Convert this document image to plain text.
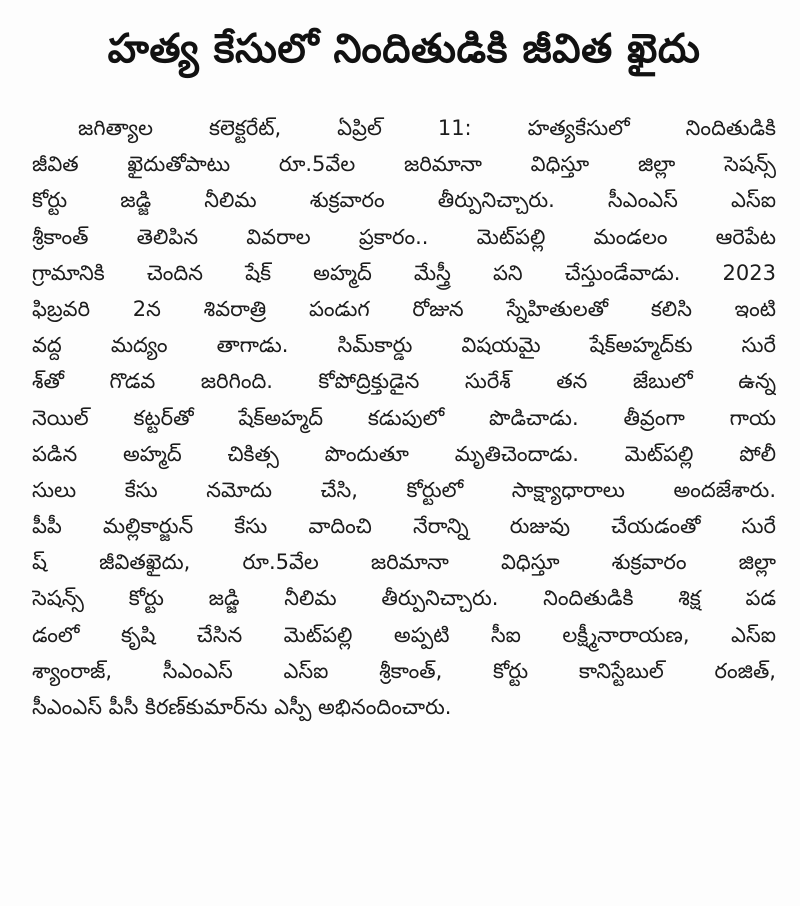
హత్య కేసులో నిందితుడికి జీవిత ఖైదు
జగిత్యాల కలెక్టరేట్, ఏప్రిల్ 11: హత్యకేసులో నిందితుడికి
జీవిత ఖైదుతోపాటు రూ.5వేల జరిమానా విధిస్తూ జిల్లా సెషన్స్
కోర్టు జడ్జి నీలిమ శుక్రవారం తీర్పునిచ్చారు. సీఎంఎస్ ఎస్ఐ
శ్రీకాంత్ తెలిపిన వివరాల ప్రకారం.. మెట్‌పల్లి మండలం ఆరెపేట
గ్రామానికి చెందిన షేక్ అహ్మద్ మేస్త్రీ పని చేస్తుండేవాడు. 2023
ఫిబ్రవరి 2న శివరాత్రి పండుగ రోజున స్నేహితులతో కలిసి ఇంటి
వద్ద మద్యం తాగాడు. సిమ్‌కార్డు విషయమై షేక్‌అహ్మద్‌కు సురే
శ్‌తో గొడవ జరిగింది. కోపోద్రిక్తుడైన సురేశ్ తన జేబులో ఉన్న
నెయిల్ కట్టర్‌తో షేక్‌అహ్మద్ కడుపులో పొడిచాడు. తీవ్రంగా గాయ
పడిన అహ్మద్ చికిత్స పొందుతూ మృతిచెందాడు. మెట్‌పల్లి పోలీ
సులు కేసు నమోదు చేసి, కోర్టులో సాక్ష్యాధారాలు అందజేశారు.
పీపీ మల్లికార్జున్ కేసు వాదించి నేరాన్ని రుజువు చేయడంతో సురే
ష్ జీవితఖైదు, రూ.5వేల జరిమానా విధిస్తూ శుక్రవారం జిల్లా
సెషన్స్ కోర్టు జడ్జి నీలిమ తీర్పునిచ్చారు. నిందితుడికి శిక్ష పడ
డంలో కృషి చేసిన మెట్‌పల్లి అప్పటి సీఐ లక్ష్మీనారాయణ, ఎస్ఐ
శ్యాంరాజ్, సీఎంఎస్ ఎస్ఐ శ్రీకాంత్, కోర్టు కానిస్టేబుల్ రంజిత్,
సీఎంఎస్ పీసీ కిరణ్‌కుమార్‌ను ఎస్పీ అభినందించారు.
